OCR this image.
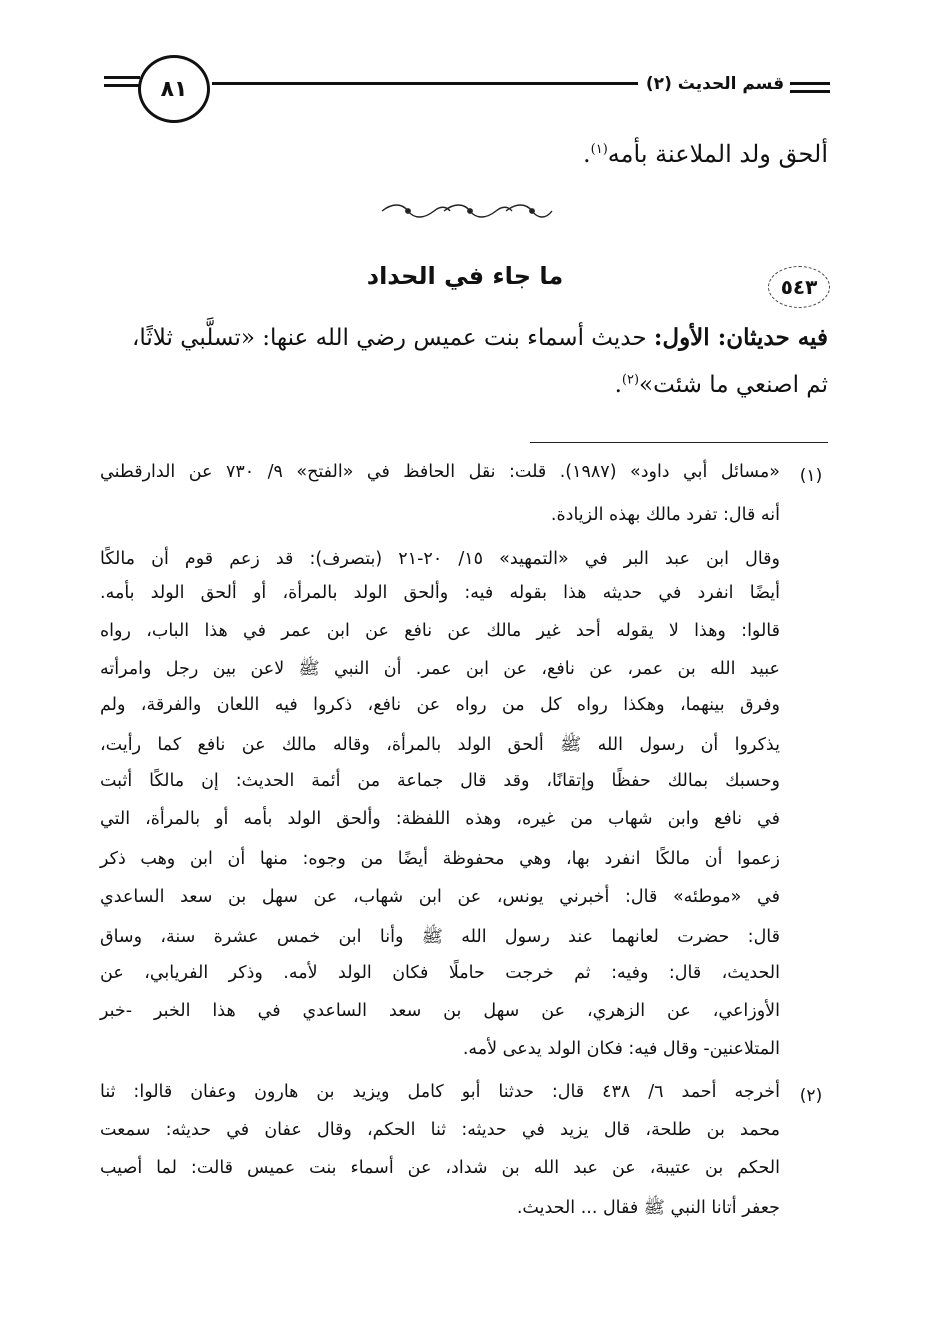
٨١	قسم الحديث (٢)
ألحق ولد الملاعنة بأمه$^{(١)}$.
٥٤٣
ما جاء في الحداد
فيه حديثان: الأول: حديث أسماء بنت عميس رضي الله عنها: «تسلَّبي ثلاثًا،
ثم اصنعي ما شئت»$^{(٢)}$.
(١)
«مسائل أبي داود» (١٩٨٧). قلت: نقل الحافظ في «الفتح» ٩/ ٧٣٠ عن الدارقطني
أنه قال: تفرد مالك بهذه الزيادة.
وقال ابن عبد البر في «التمهيد» ١٥/ ٢٠-٢١ (بتصرف): قد زعم قوم أن مالكًا
أيضًا انفرد في حديثه هذا بقوله فيه: وألحق الولد بالمرأة، أو ألحق الولد بأمه.
قالوا: وهذا لا يقوله أحد غير مالك عن نافع عن ابن عمر في هذا الباب، رواه
عبيد الله بن عمر، عن نافع، عن ابن عمر. أن النبي ﷺ لاعن بين رجل وامرأته
وفرق بينهما، وهكذا رواه كل من رواه عن نافع، ذكروا فيه اللعان والفرقة، ولم
يذكروا أن رسول الله ﷺ ألحق الولد بالمرأة، وقاله مالك عن نافع كما رأيت،
وحسبك بمالك حفظًا وإتقانًا، وقد قال جماعة من أئمة الحديث: إن مالكًا أثبت
في نافع وابن شهاب من غيره، وهذه اللفظة: وألحق الولد بأمه أو بالمرأة، التي
زعموا أن مالكًا انفرد بها، وهي محفوظة أيضًا من وجوه: منها أن ابن وهب ذكر
في «موطئه» قال: أخبرني يونس، عن ابن شهاب، عن سهل بن سعد الساعدي
قال: حضرت لعانهما عند رسول الله ﷺ وأنا ابن خمس عشرة سنة، وساق
الحديث، قال: وفيه: ثم خرجت حاملًا فكان الولد لأمه. وذكر الفريابي، عن
الأوزاعي، عن الزهري، عن سهل بن سعد الساعدي في هذا الخبر -خبر
المتلاعنين- وقال فيه: فكان الولد يدعى لأمه.
(٢)
أخرجه أحمد ٦/ ٤٣٨ قال: حدثنا أبو كامل ويزيد بن هارون وعفان قالوا: ثنا
محمد بن طلحة، قال يزيد في حديثه: ثنا الحكم، وقال عفان في حديثه: سمعت
الحكم بن عتيبة، عن عبد الله بن شداد، عن أسماء بنت عميس قالت: لما أصيب
جعفر أتانا النبي ﷺ فقال ... الحديث.
